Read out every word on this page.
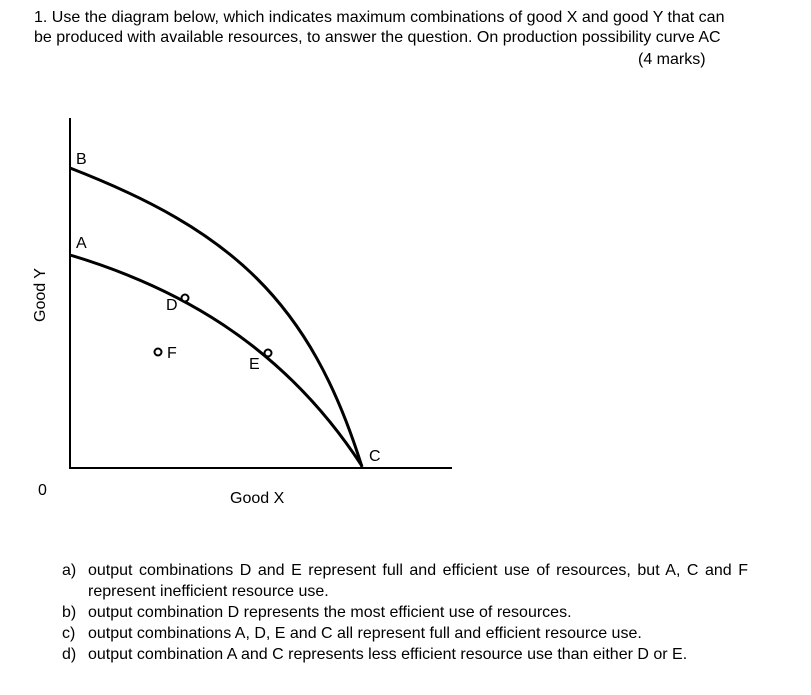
1. Use the diagram below, which indicates maximum combinations of good X and good Y that can be produced with available resources, to answer the question. On production possibility curve AC
(4 marks)
B
A
D
F
E
C
0	Good X
Good Y
a) output combinations D and E represent full and efficient use of resources, but A, C and F represent inefficient resource use.
b) output combination D represents the most efficient use of resources.
c) output combinations A, D, E and C all represent full and efficient resource use.
d) output combination A and C represents less efficient resource use than either D or E.
